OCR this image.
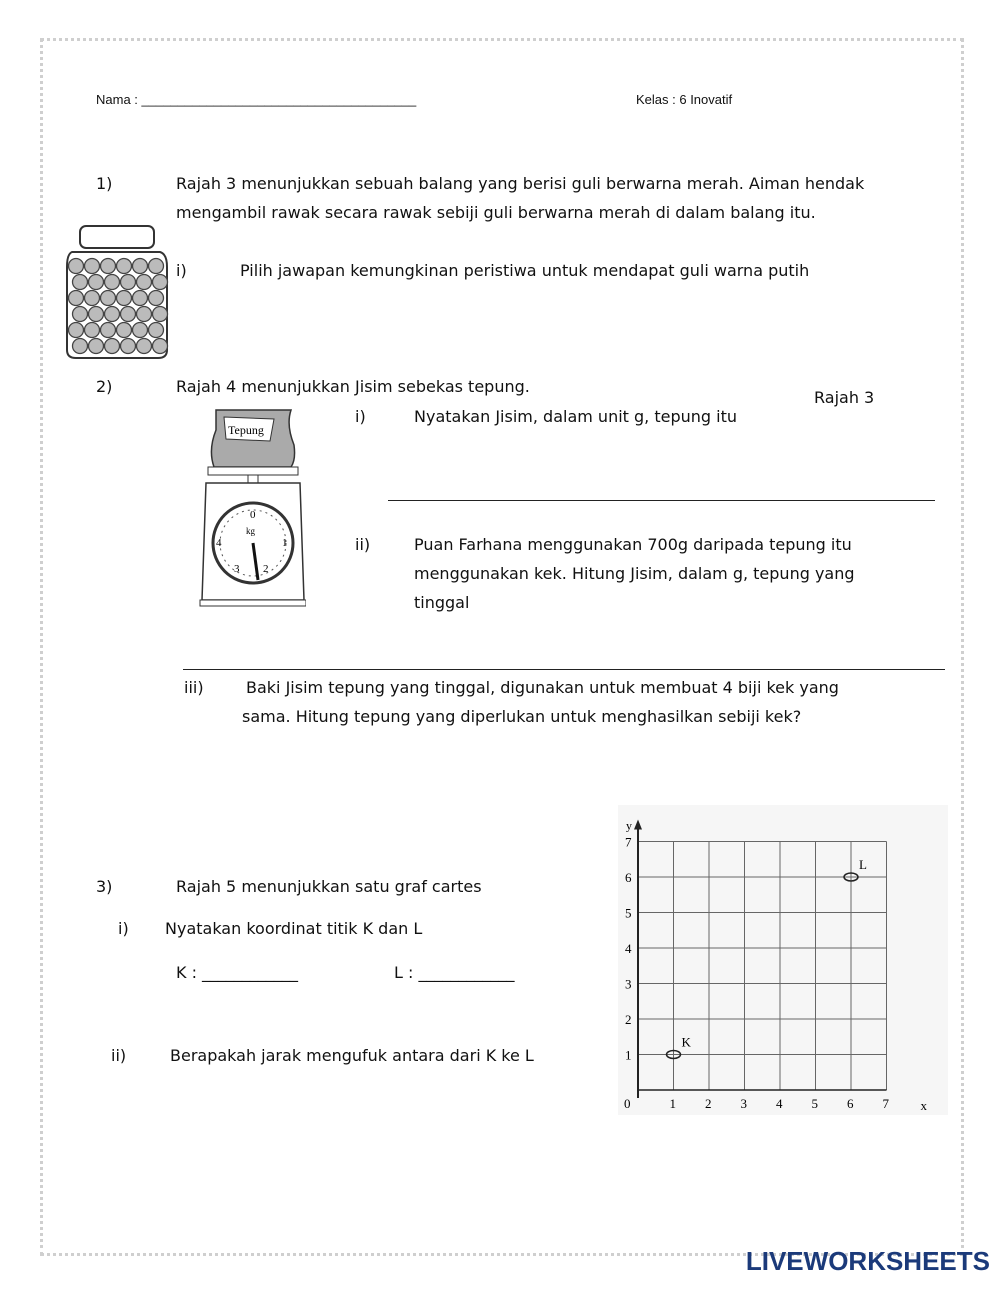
Nama : ______________________________________	Kelas : 6 Inovatif
1)	Rajah 3 menunjukkan sebuah balang yang berisi guli berwarna merah. Aiman hendak
mengambil rawak secara rawak sebiji guli berwarna merah di dalam balang itu.
i)	Pilih jawapan kemungkinan peristiwa untuk mendapat guli warna putih
Rajah 3
2)	Rajah 4 menunjukkan Jisim sebekas tepung.
Tepung
0
1
2
3
4
kg
i)	Nyatakan Jisim, dalam unit g, tepung itu
ii)	Puan Farhana menggunakan 700g daripada tepung itu
menggunakan kek. Hitung Jisim, dalam g, tepung yang
tinggal
iii)	Baki Jisim tepung yang tinggal, digunakan untuk membuat 4 biji kek yang
sama. Hitung tepung yang diperlukan untuk menghasilkan sebiji kek?
3)	Rajah 5 menunjukkan satu graf cartes
i) Nyatakan koordinat titik K dan L
K : ____________	L : ____________
ii)	Berapakah jarak mengufuk antara dari K ke L
0	1 2 3 4 5 6 7
1
2
3
4
5
6
7
x
y
K
L
LIVEWORKSHEETS
